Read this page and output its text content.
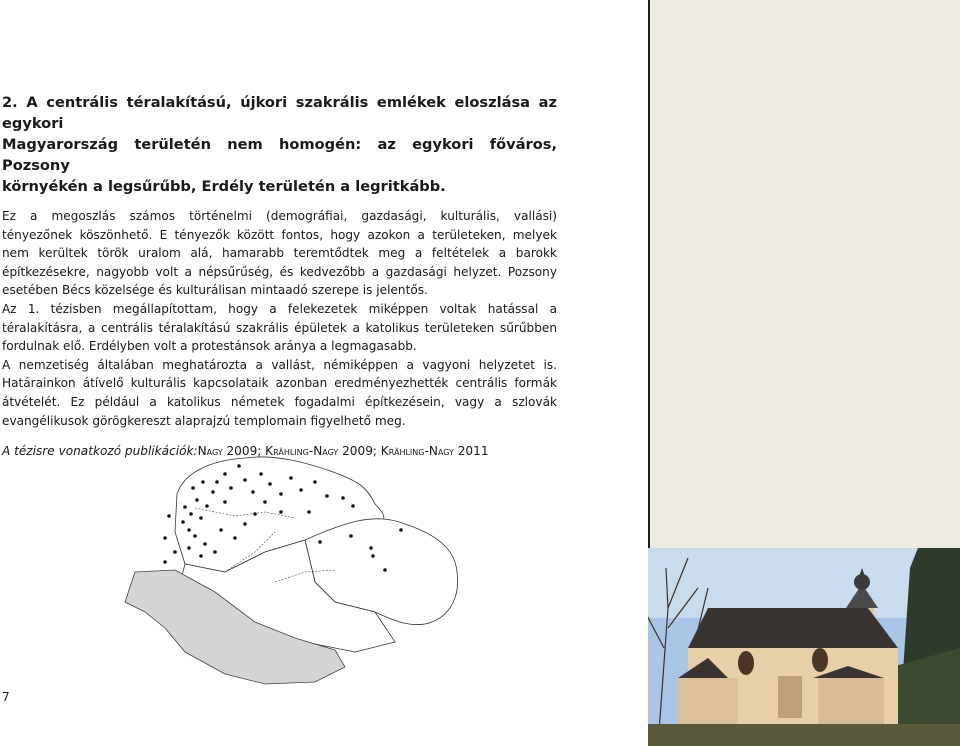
2. A centrális téralakítású, újkori szakrális emlékek eloszlása az egykori
Magyarország területén nem homogén: az egykori főváros, Pozsony
környékén a legsűrűbb, Erdély területén a legritkább.
Ez a megoszlás számos történelmi (demográfiai, gazdasági, kulturális, vallási)
tényezőnek köszönhető. E tényezők között fontos, hogy azokon a területeken, melyek
nem kerültek török uralom alá, hamarabb teremtődtek meg a feltételek a barokk
építkezésekre, nagyobb volt a népsűrűség, és kedvezőbb a gazdasági helyzet. Pozsony
esetében Bécs közelsége és kulturálisan mintaadó szerepe is jelentős.
Az 1. tézisben megállapítottam, hogy a felekezetek miképpen voltak hatással a
téralakításra, a centrális téralakítású szakrális épületek a katolikus területeken sűrűbben
fordulnak elő. Erdélyben volt a protestánsok aránya a legmagasabb.
A nemzetiség általában meghatározta a vallást, némiképpen a vagyoni helyzetet is.
Határainkon átívelő kulturális kapcsolataik azonban eredményezhették centrális formák
átvételét. Ez például a katolikus németek fogadalmi építkezésein, vagy a szlovák
evangélikusok görögkereszt alaprajzú templomain figyelhető meg.
A tézisre vonatkozó publikációk:Nagy 2009; Krähling-Nagy 2009; Krähling-Nagy 2011
7
